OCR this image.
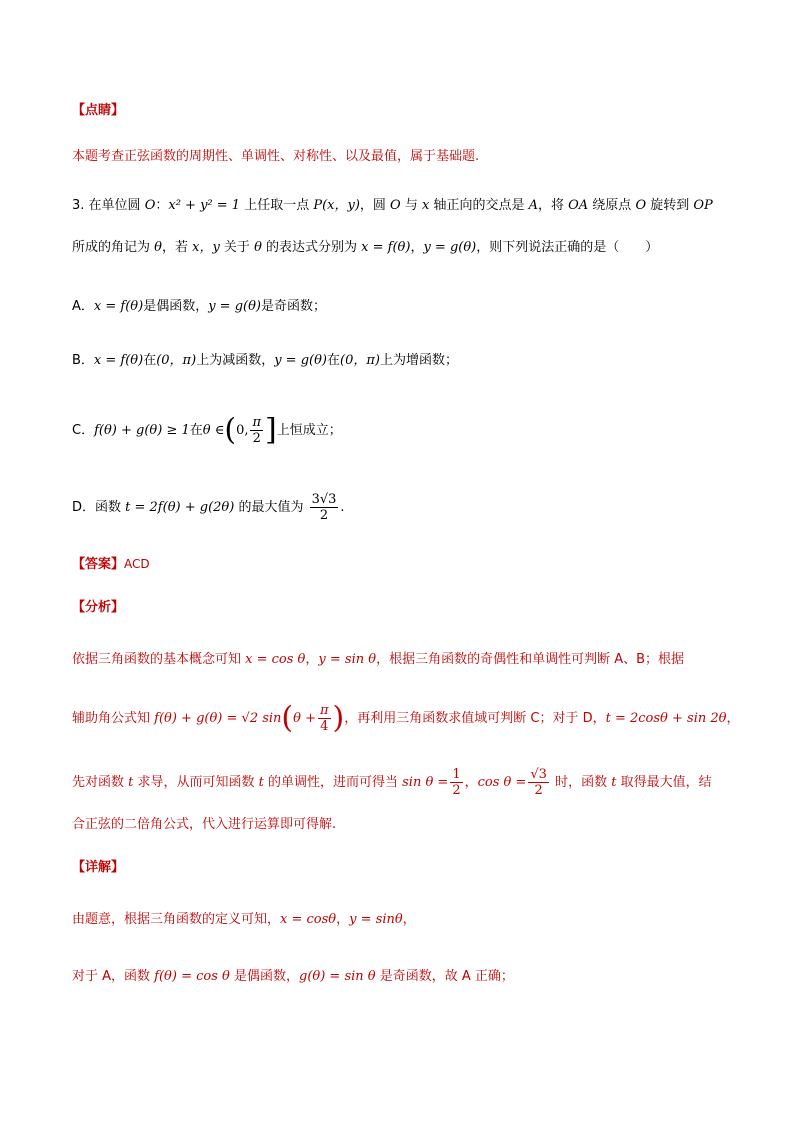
【点睛】
本题考查正弦函数的周期性、单调性、对称性、以及最值，属于基础题.
3. 在单位圆 O：x² + y² = 1 上任取一点 P(x，y)，圆 O 与 x 轴正向的交点是 A，将 OA 绕原点 O 旋转到 OP
所成的角记为 θ，若 x，y 关于 θ 的表达式分别为 x = f(θ)，y = g(θ)，则下列说法正确的是（　　）
A．x = f(θ)是偶函数，y = g(θ)是奇函数；
B．x = f(θ)在(0，π)上为减函数，y = g(θ)在(0，π)上为增函数；
C．f(θ) + g(θ) ≥ 1在θ ∈(0, $\frac{\pi}{2}$ ]上恒成立；
D．函数 t = 2f(θ) + g(2θ) 的最大值为 $\frac{3√3}{2}$ .
【答案】ACD
【分析】
依据三角函数的基本概念可知 x = cos θ，y = sin θ，根据三角函数的奇偶性和单调性可判断 A、B；根据
辅助角公式知 f(θ) + g(θ) = √2 $\sin(\theta + \frac{\pi}{4}$ )，再利用三角函数求值域可判断 C；对于 D，t = 2cosθ + sin 2θ，
先对函数 t 求导，从而可知函数 t 的单调性，进而可得当 $\sin \theta = \frac{1}{2}$ ，$\cos \theta = \frac{√3}{2}$ 时，函数 t 取得最大值，结
合正弦的二倍角公式，代入进行运算即可得解.
【详解】
由题意，根据三角函数的定义可知，x = cosθ，y = sinθ，
对于 A，函数 f(θ) = cos θ 是偶函数，g(θ) = sin θ 是奇函数，故 A 正确；
